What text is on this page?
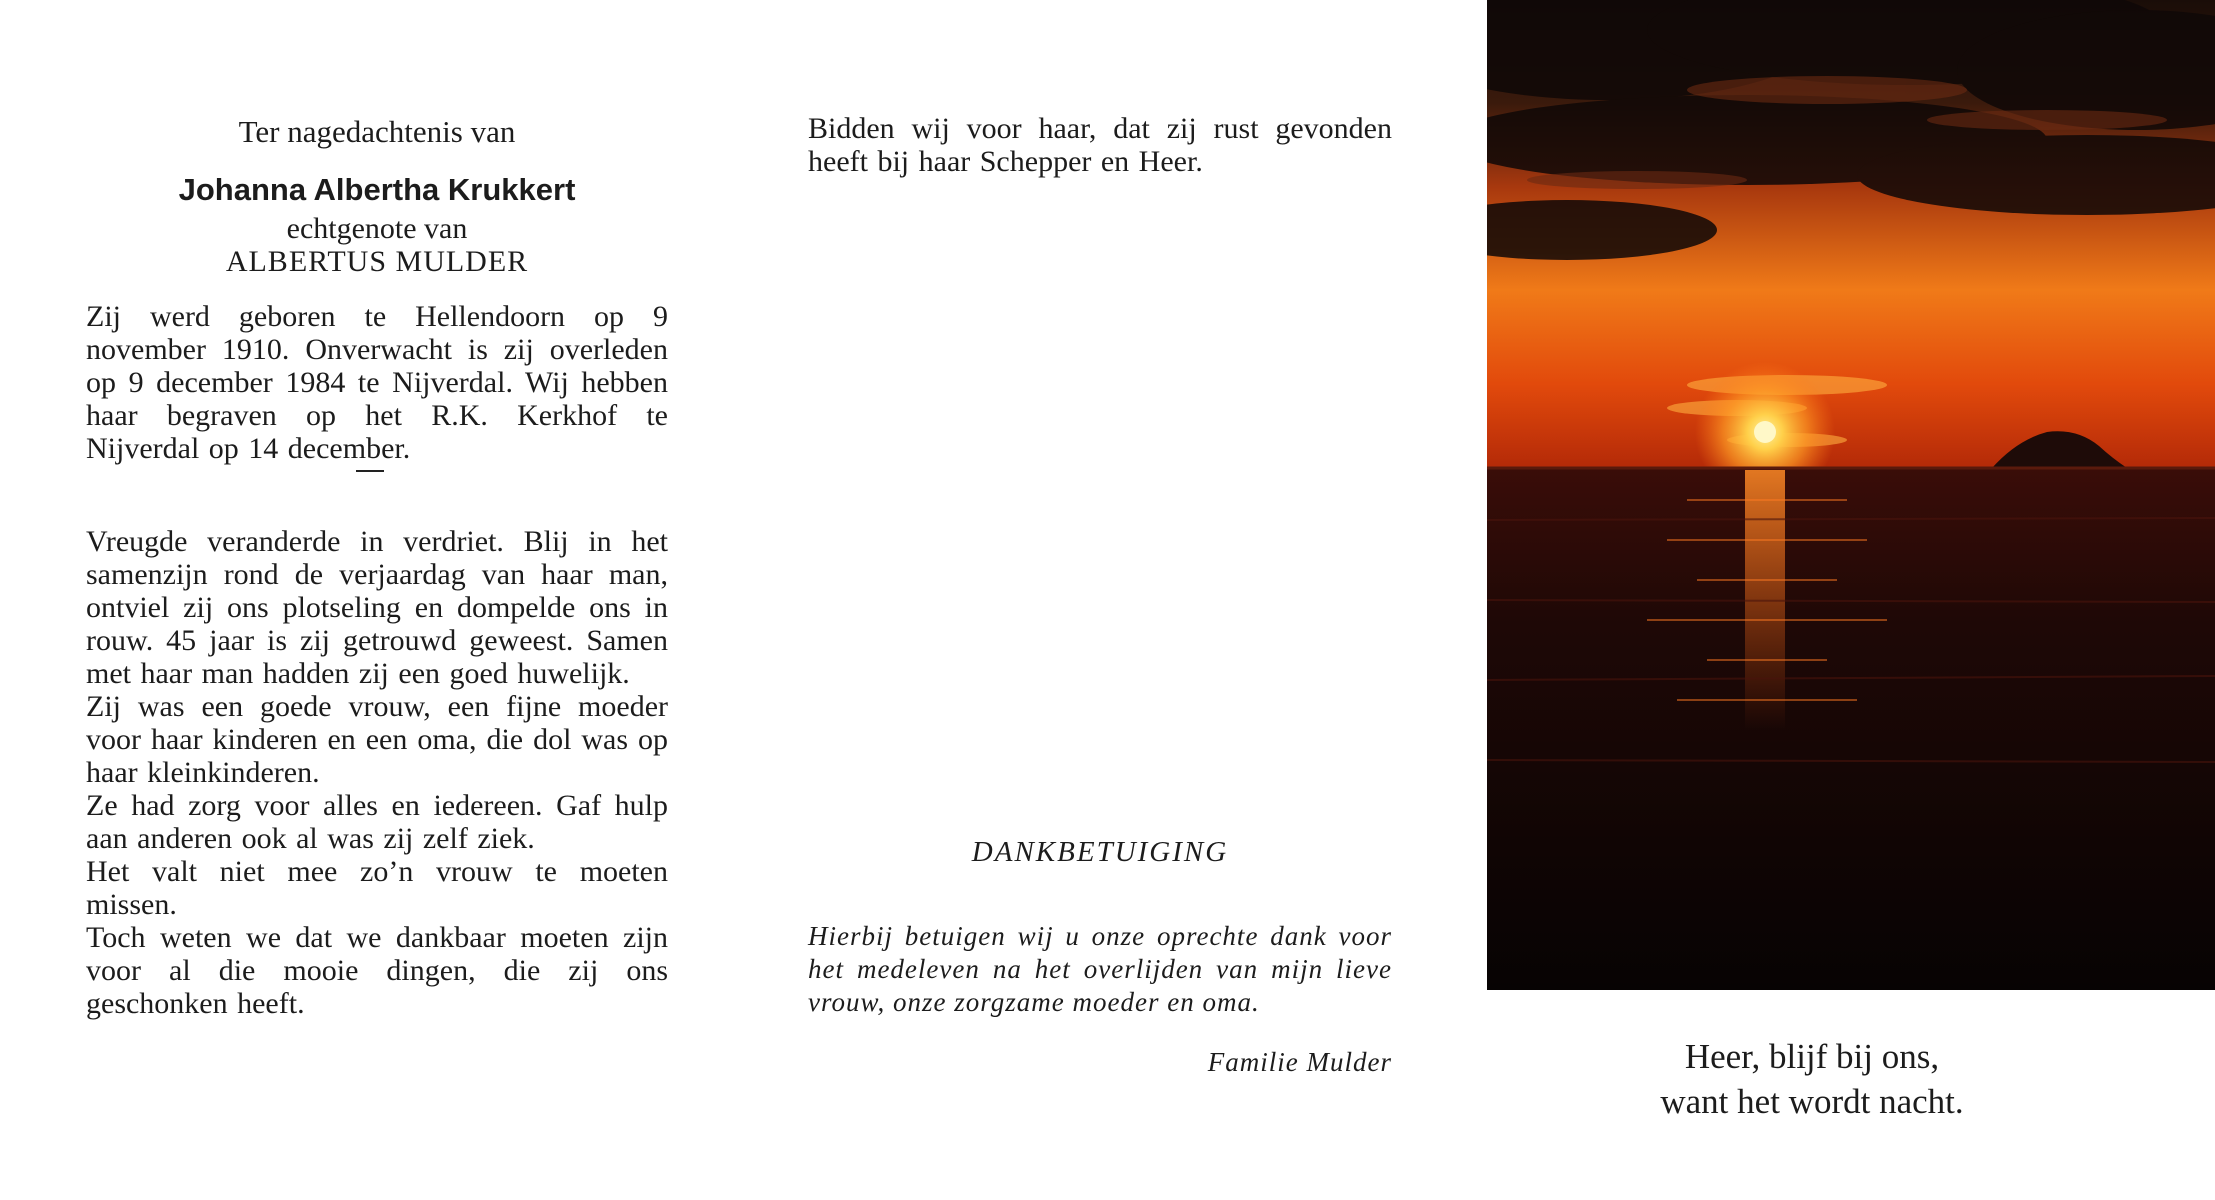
Ter nagedachtenis van
Johanna Albertha Krukkert
echtgenote van
ALBERTUS MULDER

Zij werd geboren te Hellendoorn op 9 november 1910. Onverwacht is zij overleden op 9 december 1984 te Nijverdal. Wij hebben haar begraven op het R.K. Kerkhof te Nijverdal op 14 december.

Vreugde veranderde in verdriet. Blij in het samenzijn rond de verjaardag van haar man, ontviel zij ons plotseling en dompelde ons in rouw. 45 jaar is zij getrouwd geweest. Samen met haar man hadden zij een goed huwelijk.

Zij was een goede vrouw, een fijne moeder voor haar kinderen en een oma, die dol was op haar kleinkinderen.

Ze had zorg voor alles en iedereen. Gaf hulp aan anderen ook al was zij zelf ziek.

Het valt niet mee zo’n vrouw te moeten missen.

Toch weten we dat we dankbaar moeten zijn voor al die mooie dingen, die zij ons geschonken heeft.

Bidden wij voor haar, dat zij rust gevonden heeft bij haar Schepper en Heer.

DANKBETUIGING

Hierbij betuigen wij u onze oprechte dank voor het medeleven na het overlijden van mijn lieve vrouw, onze zorgzame moeder en oma.

Familie Mulder	Heer, blijf bij ons,
want het wordt nacht.
